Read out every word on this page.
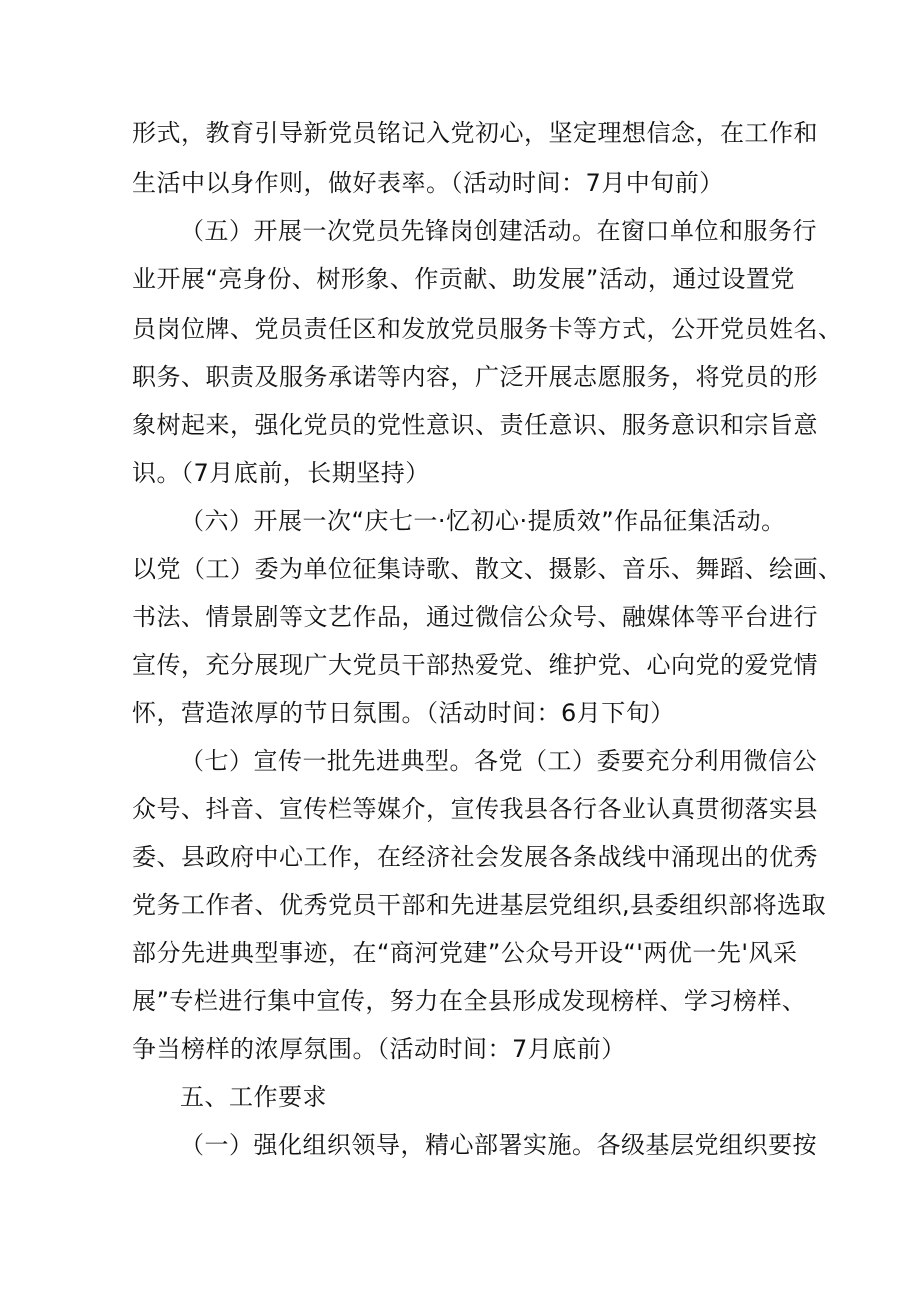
形式，教育引导新党员铭记入党初心，坚定理想信念，在工作和
生活中以身作则，做好表率。（活动时间：7月中旬前）
（五）开展一次党员先锋岗创建活动。在窗口单位和服务行
业开展“亮身份、树形象、作贡献、助发展”活动，通过设置党
员岗位牌、党员责任区和发放党员服务卡等方式，公开党员姓名、
职务、职责及服务承诺等内容，广泛开展志愿服务，将党员的形
象树起来，强化党员的党性意识、责任意识、服务意识和宗旨意
识。（7月底前，长期坚持）
（六）开展一次“庆七一·忆初心·提质效”作品征集活动。
以党（工）委为单位征集诗歌、散文、摄影、音乐、舞蹈、绘画、
书法、情景剧等文艺作品，通过微信公众号、融媒体等平台进行
宣传，充分展现广大党员干部热爱党、维护党、心向党的爱党情
怀，营造浓厚的节日氛围。（活动时间：6月下旬）
（七）宣传一批先进典型。各党（工）委要充分利用微信公
众号、抖音、宣传栏等媒介，宣传我县各行各业认真贯彻落实县
委、县政府中心工作，在经济社会发展各条战线中涌现出的优秀
党务工作者、优秀党员干部和先进基层党组织,县委组织部将选取
部分先进典型事迹，在“商河党建”公众号开设“'两优一先'风采
展”专栏进行集中宣传，努力在全县形成发现榜样、学习榜样、
争当榜样的浓厚氛围。（活动时间：7月底前）
五、工作要求
（一）强化组织领导，精心部署实施。各级基层党组织要按
